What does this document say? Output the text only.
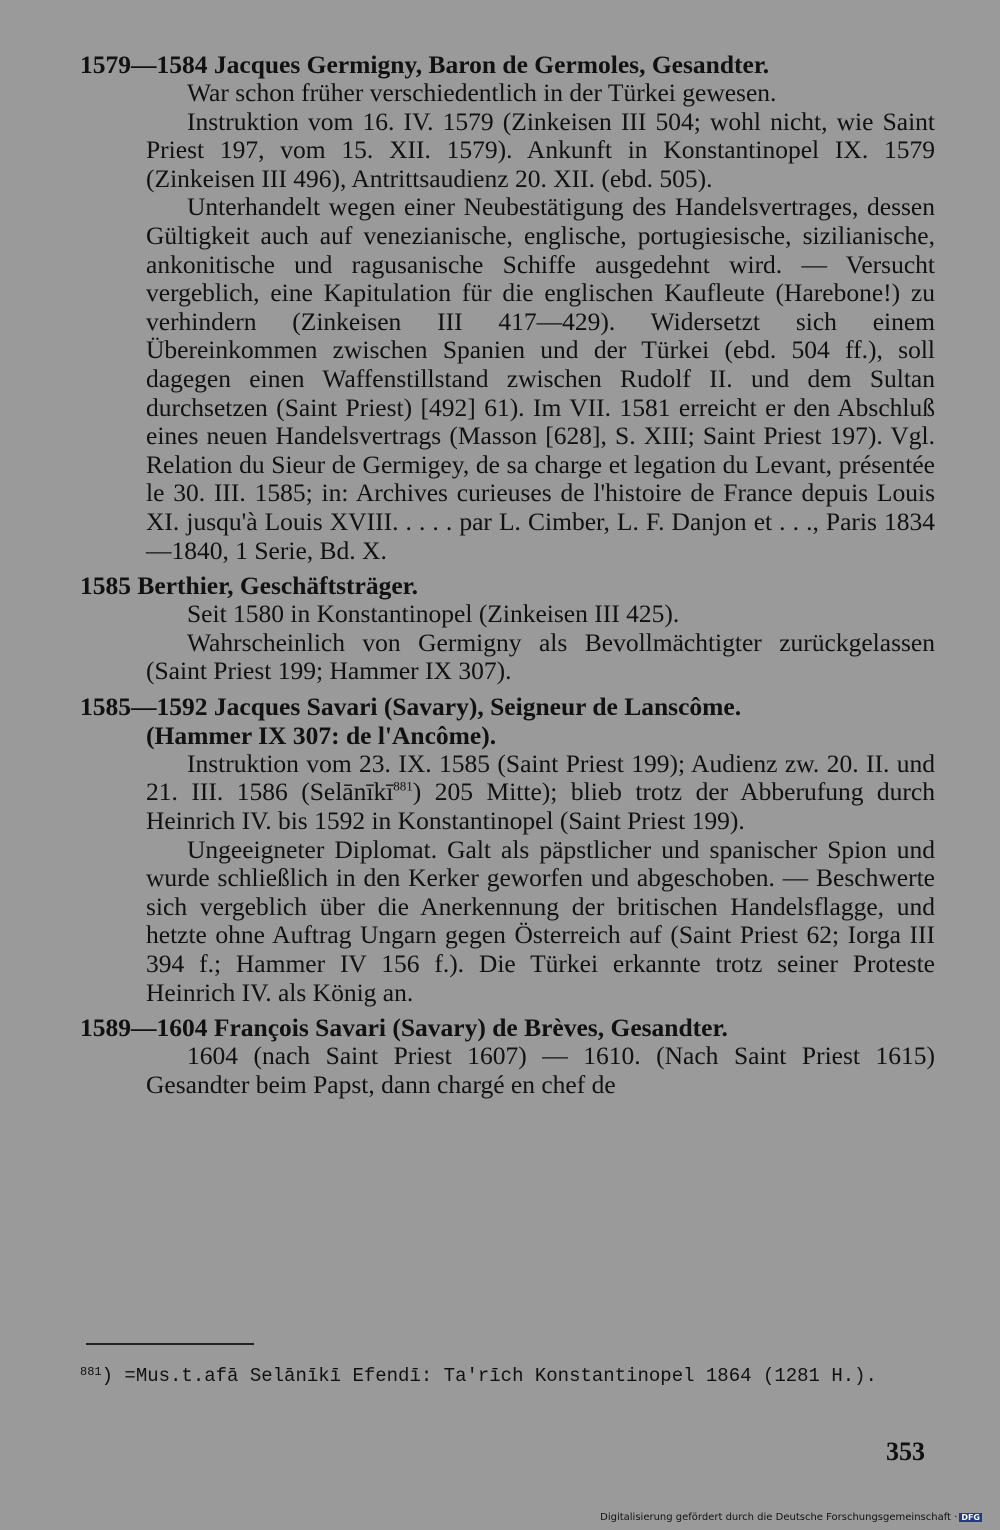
1579—1584 Jacques Germigny, Baron de Germoles, Gesandter.

War schon früher verschiedentlich in der Türkei gewesen.

Instruktion vom 16. IV. 1579 (Zinkeisen III 504; wohl nicht, wie Saint Priest 197, vom 15. XII. 1579). Ankunft in Konstantinopel IX. 1579 (Zinkeisen III 496), Antrittsaudienz 20. XII. (ebd. 505).

Unterhandelt wegen einer Neubestätigung des Handelsvertrages, dessen Gültigkeit auch auf venezianische, englische, portugiesische, sizilianische, ankonitische und ragusanische Schiffe ausgedehnt wird. — Versucht vergeblich, eine Kapitulation für die englischen Kaufleute (Harebone!) zu verhindern (Zinkeisen III 417—429). Widersetzt sich einem Übereinkommen zwischen Spanien und der Türkei (ebd. 504 ff.), soll dagegen einen Waffenstillstand zwischen Rudolf II. und dem Sultan durchsetzen (Saint Priest) [492] 61). Im VII. 1581 erreicht er den Abschluß eines neuen Handelsvertrags (Masson [628], S. XIII; Saint Priest 197). Vgl. Relation du Sieur de Germigey, de sa charge et legation du Levant, présentée le 30. III. 1585; in: Archives curieuses de l'histoire de France depuis Louis XI. jusqu'à Louis XVIII. . . . . par L. Cimber, L. F. Danjon et . . ., Paris 1834—1840, 1 Serie, Bd. X.

1585 Berthier, Geschäftsträger.

Seit 1580 in Konstantinopel (Zinkeisen III 425).

Wahrscheinlich von Germigny als Bevollmächtigter zurückgelassen (Saint Priest 199; Hammer IX 307).

1585—1592 Jacques Savari (Savary), Seigneur de Lanscôme.

(Hammer IX 307: de l'Ancôme).

Instruktion vom 23. IX. 1585 (Saint Priest 199); Audienz zw. 20. II. und 21. III. 1586 (Selānīkī$^{881}$) 205 Mitte); blieb trotz der Abberufung durch Heinrich IV. bis 1592 in Konstantinopel (Saint Priest 199).

Ungeeigneter Diplomat. Galt als päpstlicher und spanischer Spion und wurde schließlich in den Kerker geworfen und abgeschoben. — Beschwerte sich vergeblich über die Anerkennung der britischen Handelsflagge, und hetzte ohne Auftrag Ungarn gegen Österreich auf (Saint Priest 62; Iorga III 394 f.; Hammer IV 156 f.). Die Türkei erkannte trotz seiner Proteste Heinrich IV. als König an.

1589—1604 François Savari (Savary) de Brèves, Gesandter.

1604 (nach Saint Priest 1607) — 1610. (Nach Saint Priest 1615) Gesandter beim Papst, dann chargé en chef de

$^{881}$) =Mus.t.afā Selānīkī Efendī: Ta'rīch Konstantinopel 1864 (1281 H.).
353
Digitalisierung gefördert durch die Deutsche Forschungsgemeinschaft · DFG
